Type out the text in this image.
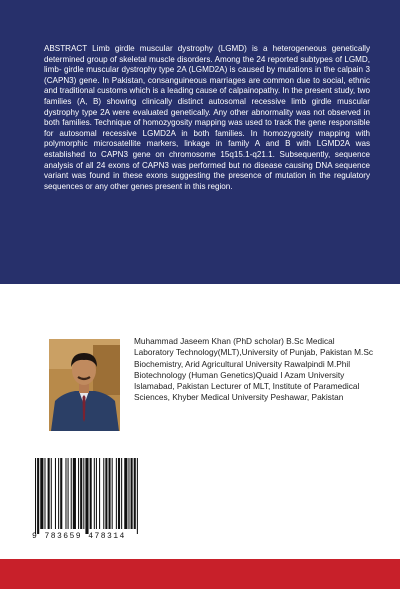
ABSTRACT Limb girdle muscular dystrophy (LGMD) is a heterogeneous genetically determined group of skeletal muscle disorders. Among the 24 reported subtypes of LGMD, limb- girdle muscular dystrophy type 2A (LGMD2A) is caused by mutations in the calpain 3 (CAPN3) gene. In Pakistan, consanguineous marriages are common due to social, ethnic and traditional customs which is a leading cause of calpainopathy. In the present study, two families (A, B) showing clinically distinct autosomal recessive limb girdle muscular dystrophy type 2A were evaluated genetically. Any other abnormality was not observed in both families. Technique of homozygosity mapping was used to track the gene responsible for autosomal recessive LGMD2A in both families. In homozygosity mapping with polymorphic microsatellite markers, linkage in family A and B with LGMD2A was established to CAPN3 gene on chromosome 15q15.1-q21.1. Subsequently, sequence analysis of all 24 exons of CAPN3 was performed but no disease causing DNA sequence variant was found in these exons suggesting the presence of mutation in the regulatory sequences or any other genes present in this region.

Muhammad Jaseem Khan (PhD scholar) B.Sc Medical Laboratory Technology(MLT),University of Punjab, Pakistan M.Sc Biochemistry, Arid Agricultural University Rawalpindi M.Phil Biotechnology (Human Genetics)Quaid I Azam University Islamabad, Pakistan Lecturer of MLT, Institute of Paramedical Sciences, Khyber Medical University Peshawar, Pakistan

9 783659 478314
